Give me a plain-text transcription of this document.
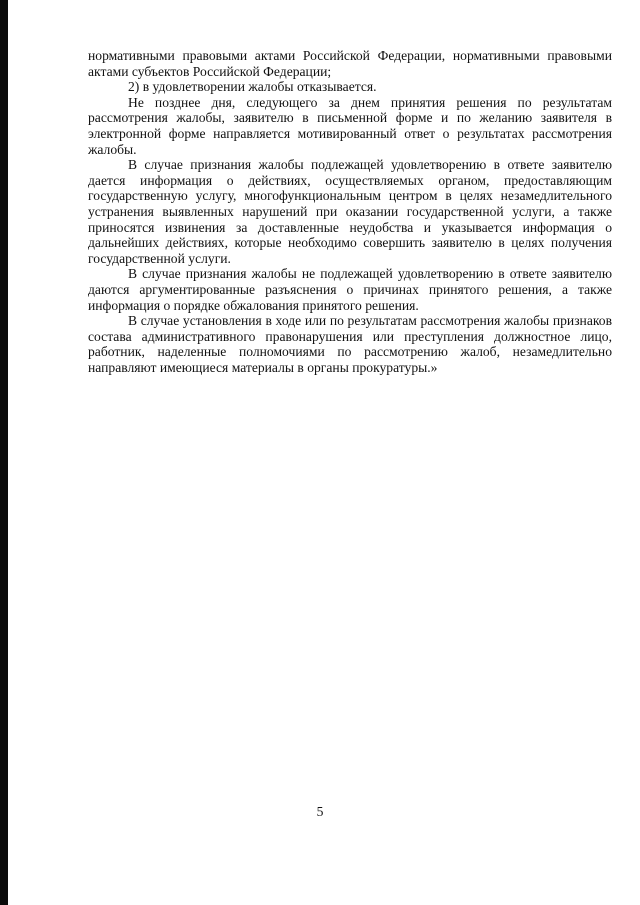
нормативными правовыми актами Российской Федерации, нормативными правовыми актами субъектов Российской Федерации;

2) в удовлетворении жалобы отказывается.

Не позднее дня, следующего за днем принятия решения по результатам рассмотрения жалобы, заявителю в письменной форме и по желанию заявителя в электронной форме направляется мотивированный ответ о результатах рассмотрения жалобы.

В случае признания жалобы подлежащей удовлетворению в ответе заявителю дается информация о действиях, осуществляемых органом, предоставляющим государственную услугу, многофункциональным центром в целях незамедлительного устранения выявленных нарушений при оказании государственной услуги, а также приносятся извинения за доставленные неудобства и указывается информация о дальнейших действиях, которые необходимо совершить заявителю в целях получения государственной услуги.

В случае признания жалобы не подлежащей удовлетворению в ответе заявителю даются аргументированные разъяснения о причинах принятого решения, а также информация о порядке обжалования принятого решения.

В случае установления в ходе или по результатам рассмотрения жалобы признаков состава административного правонарушения или преступления должностное лицо, работник, наделенные полномочиями по рассмотрению жалоб, незамедлительно направляют имеющиеся материалы в органы прокуратуры.»

5
